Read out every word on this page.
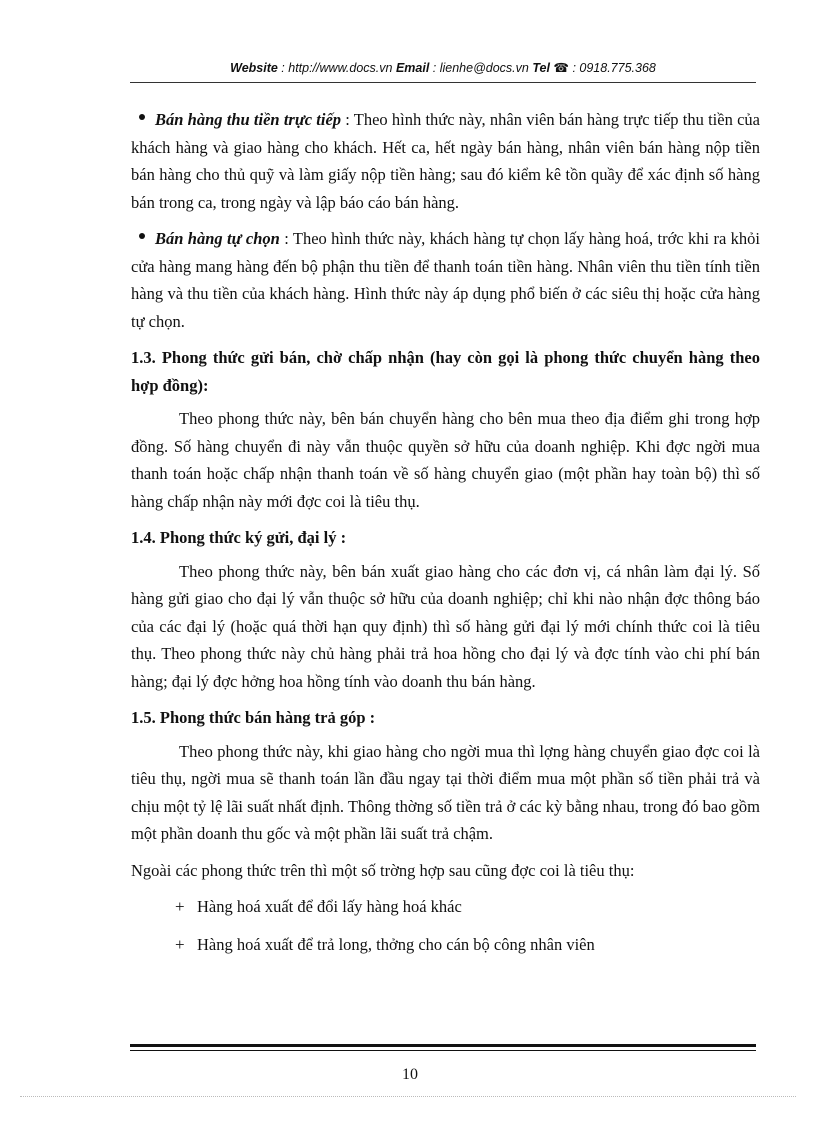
Website : http://www.docs.vn Email : lienhe@docs.vn Tel ☎ : 0918.775.368

Bán hàng thu tiền trực tiếp : Theo hình thức này, nhân viên bán hàng trực tiếp thu tiền của khách hàng và giao hàng cho khách. Hết ca, hết ngày bán hàng, nhân viên bán hàng nộp tiền bán hàng cho thủ quỹ và làm giấy nộp tiền hàng; sau đó kiểm kê tồn quầy để xác định số hàng bán trong ca, trong ngày và lập báo cáo bán hàng.

Bán hàng tự chọn : Theo hình thức này, khách hàng tự chọn lấy hàng hoá, trớc khi ra khỏi cửa hàng mang hàng đến bộ phận thu tiền để thanh toán tiền hàng. Nhân viên thu tiền tính tiền hàng và thu tiền của khách hàng. Hình thức này áp dụng phổ biến ở các siêu thị hoặc cửa hàng tự chọn.

1.3. Phong thức gửi bán, chờ chấp nhận (hay còn gọi là phong thức chuyển hàng theo hợp đồng):

Theo phong thức này, bên bán chuyển hàng cho bên mua theo địa điểm ghi trong hợp đồng. Số hàng chuyển đi này vẫn thuộc quyền sở hữu của doanh nghiệp. Khi đợc ngời mua thanh toán hoặc chấp nhận thanh toán về số hàng chuyển giao (một phần hay toàn bộ) thì số hàng chấp nhận này mới đợc coi là tiêu thụ.

1.4. Phong thức ký gửi, đại lý :

Theo phong thức này, bên bán xuất giao hàng cho các đơn vị, cá nhân làm đại lý. Số hàng gửi giao cho đại lý vẫn thuộc sở hữu của doanh nghiệp; chỉ khi nào nhận đợc thông báo của các đại lý (hoặc quá thời hạn quy định) thì số hàng gửi đại lý mới chính thức coi là tiêu thụ. Theo phong thức này chủ hàng phải trả hoa hồng cho đại lý và đợc tính vào chi phí bán hàng; đại lý đợc hởng hoa hồng tính vào doanh thu bán hàng.

1.5. Phong thức bán hàng trả góp :

Theo phong thức này, khi giao hàng cho ngời mua thì lợng hàng chuyển giao đợc coi là tiêu thụ, ngời mua sẽ thanh toán lần đầu ngay tại thời điểm mua một phần số tiền phải trả và chịu một tỷ lệ lãi suất nhất định. Thông thờng số tiền trả ở các kỳ bằng nhau, trong đó bao gồm một phần doanh thu gốc và một phần lãi suất trả chậm.

Ngoài các phong thức trên thì một số trờng hợp sau cũng đợc coi là tiêu thụ:

+ Hàng hoá xuất để đổi lấy hàng hoá khác
+ Hàng hoá xuất để trả long, thởng cho cán bộ công nhân viên
10
